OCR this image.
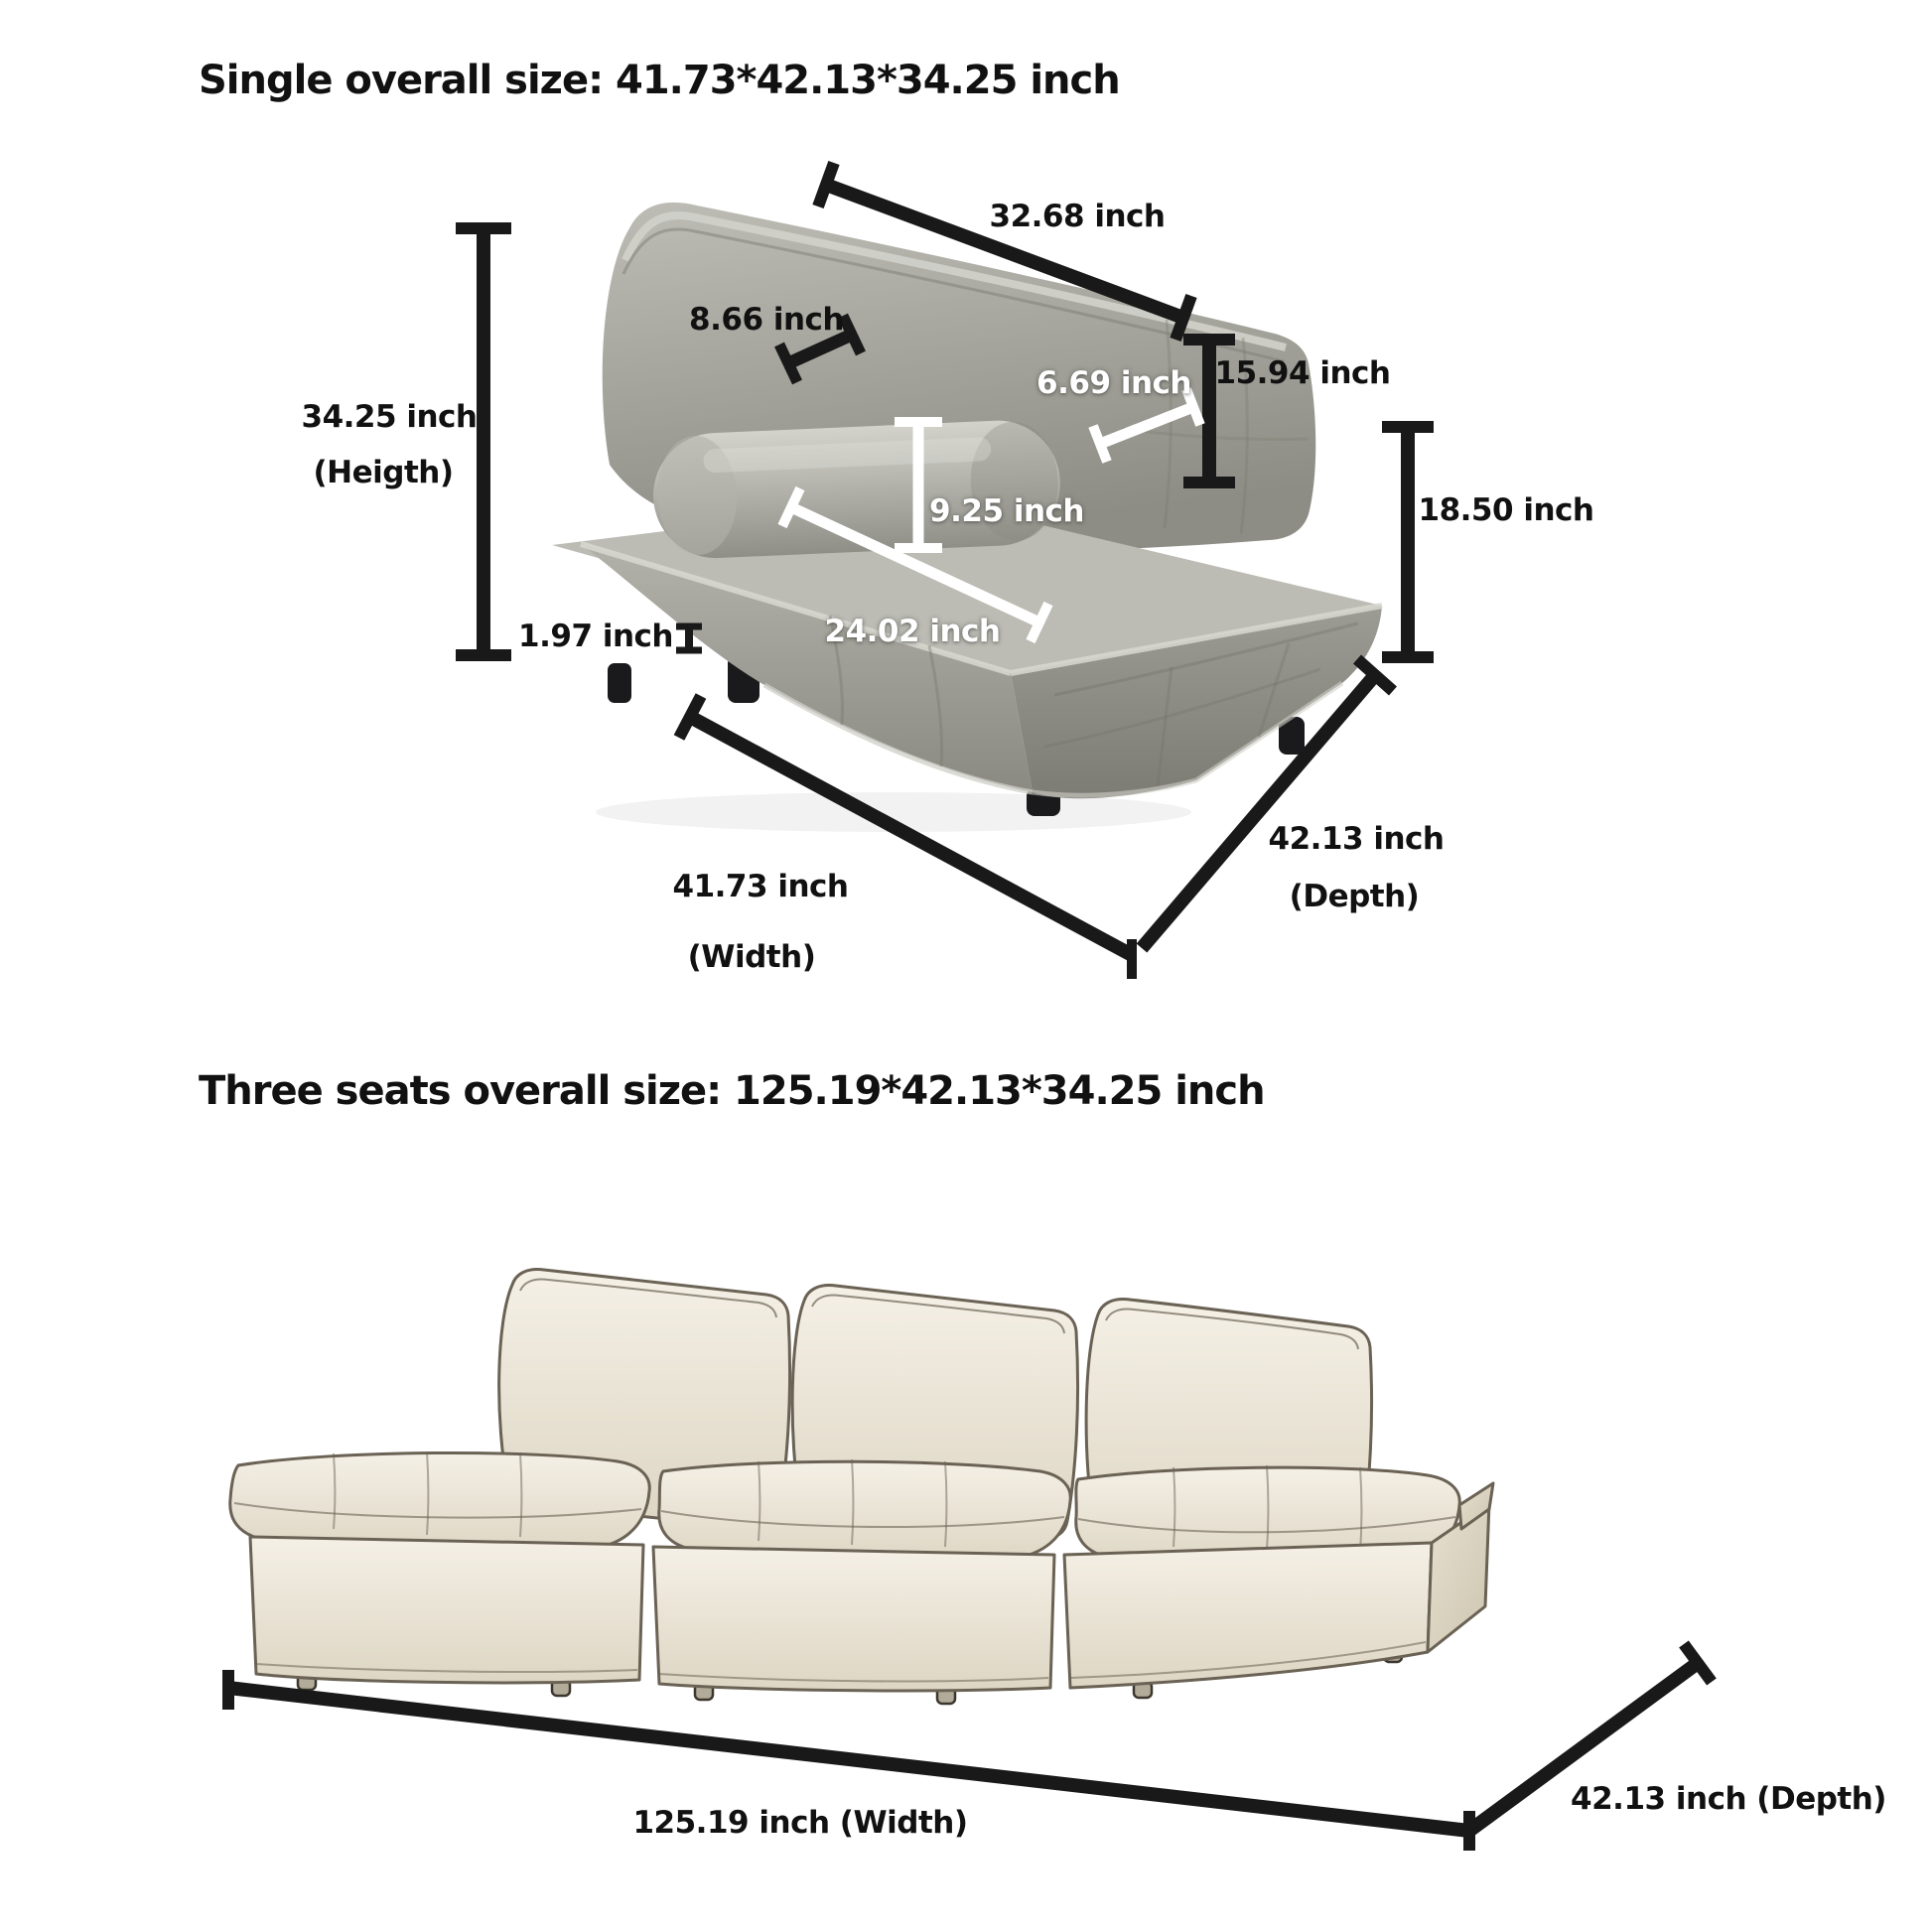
Single overall size: 41.73*42.13*34.25 inch
32.68 inch
8.66 inch
6.69 inch 15.94 inch
34.25 inch
(Heigth)
9.25 inch	18.50 inch
24.02 inch
1.97 inch
41.73 inch
(Width)
42.13 inch
(Depth)
Three seats overall size: 125.19*42.13*34.25 inch
125.19 inch (Width)
42.13 inch (Depth)
